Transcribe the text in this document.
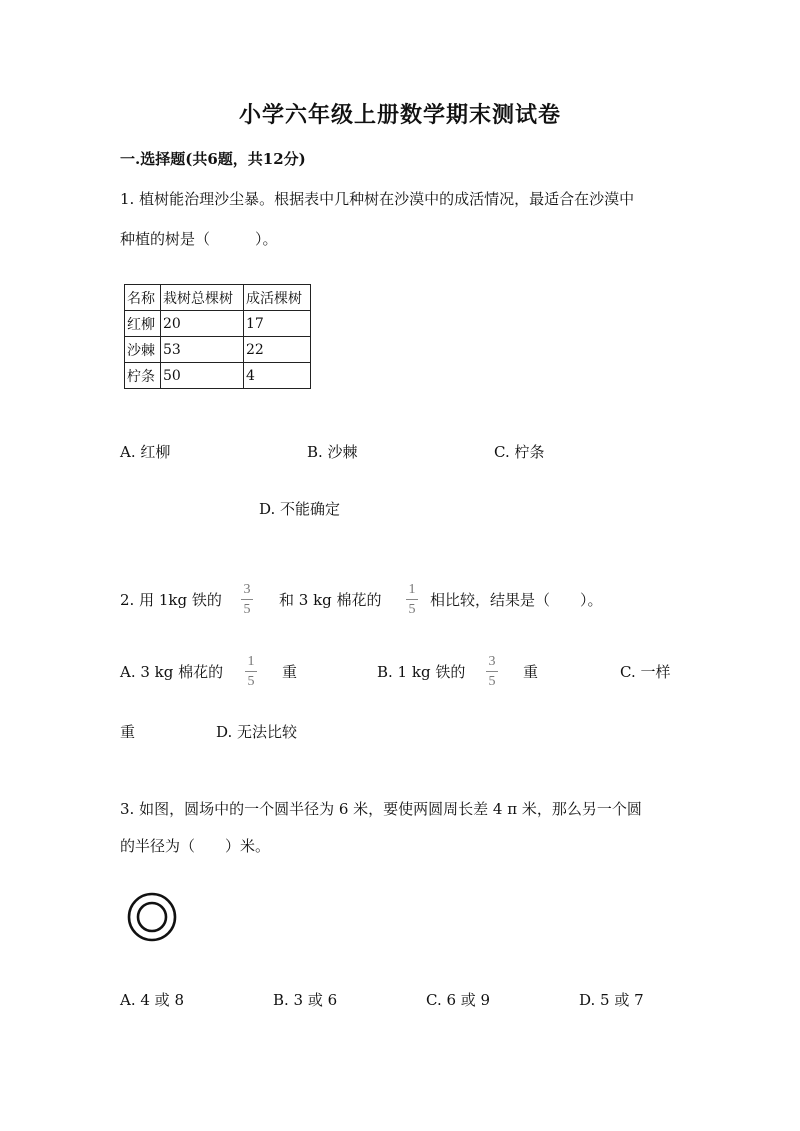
小学六年级上册数学期末测试卷
一.选择题(共6题，共12分)
1. 植树能治理沙尘暴。根据表中几种树在沙漠中的成活情况，最适合在沙漠中
种植的树是（　　　）。
名称	栽树总棵树	成活棵树
红柳	20	17
沙棘	53	22
柠条	50	4
A. 红柳	B. 沙棘	C. 柠条
D. 不能确定
2. 用 1kg 铁的
3
5
和 3 kg 棉花的
1
5
相比较，结果是（　　）。
A. 3 kg 棉花的
1
5
重	B. 1 kg 铁的
3
5
重	C. 一样
重	D. 无法比较
3. 如图，圆场中的一个圆半径为 6 米，要使两圆周长差 4 π 米，那么另一个圆
的半径为（　　）米。
A. 4 或 8	B. 3 或 6	C. 6 或 9	D. 5 或 7
